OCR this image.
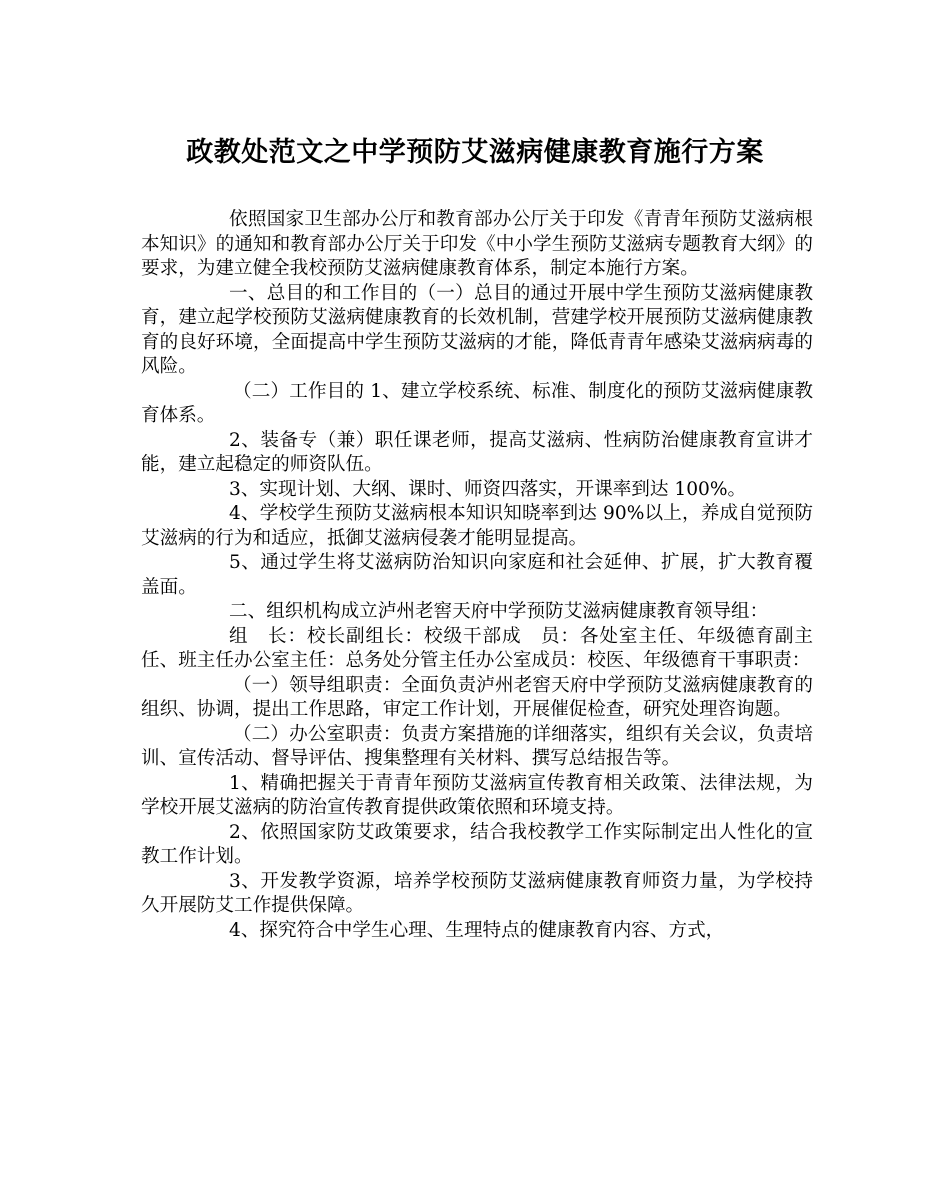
政教处范文之中学预防艾滋病健康教育施行方案

依照国家卫生部办公厅和教育部办公厅关于印发《青青年预防艾滋病根本知识》的通知和教育部办公厅关于印发《中小学生预防艾滋病专题教育大纲》的要求，为建立健全我校预防艾滋病健康教育体系，制定本施行方案。

一、总目的和工作目的（一）总目的通过开展中学生预防艾滋病健康教育，建立起学校预防艾滋病健康教育的长效机制，营建学校开展预防艾滋病健康教育的良好环境，全面提高中学生预防艾滋病的才能，降低青青年感染艾滋病病毒的风险。

（二）工作目的 1、建立学校系统、标准、制度化的预防艾滋病健康教育体系。

2、装备专（兼）职任课老师，提高艾滋病、性病防治健康教育宣讲才能，建立起稳定的师资队伍。

3、实现计划、大纲、课时、师资四落实，开课率到达 100%。

4、学校学生预防艾滋病根本知识知晓率到达 90%以上，养成自觉预防艾滋病的行为和适应，抵御艾滋病侵袭才能明显提高。

5、通过学生将艾滋病防治知识向家庭和社会延伸、扩展，扩大教育覆盖面。

二、组织机构成立泸州老窖天府中学预防艾滋病健康教育领导组：

组　长：校长副组长：校级干部成　员：各处室主任、年级德育副主任、班主任办公室主任：总务处分管主任办公室成员：校医、年级德育干事职责：

（一）领导组职责：全面负责泸州老窖天府中学预防艾滋病健康教育的组织、协调，提出工作思路，审定工作计划，开展催促检查，研究处理咨询题。

（二）办公室职责：负责方案措施的详细落实，组织有关会议，负责培训、宣传活动、督导评估、搜集整理有关材料、撰写总结报告等。

1、精确把握关于青青年预防艾滋病宣传教育相关政策、法律法规，为学校开展艾滋病的防治宣传教育提供政策依照和环境支持。

2、依照国家防艾政策要求，结合我校教学工作实际制定出人性化的宣教工作计划。

3、开发教学资源，培养学校预防艾滋病健康教育师资力量，为学校持久开展防艾工作提供保障。

4、探究符合中学生心理、生理特点的健康教育内容、方式，
